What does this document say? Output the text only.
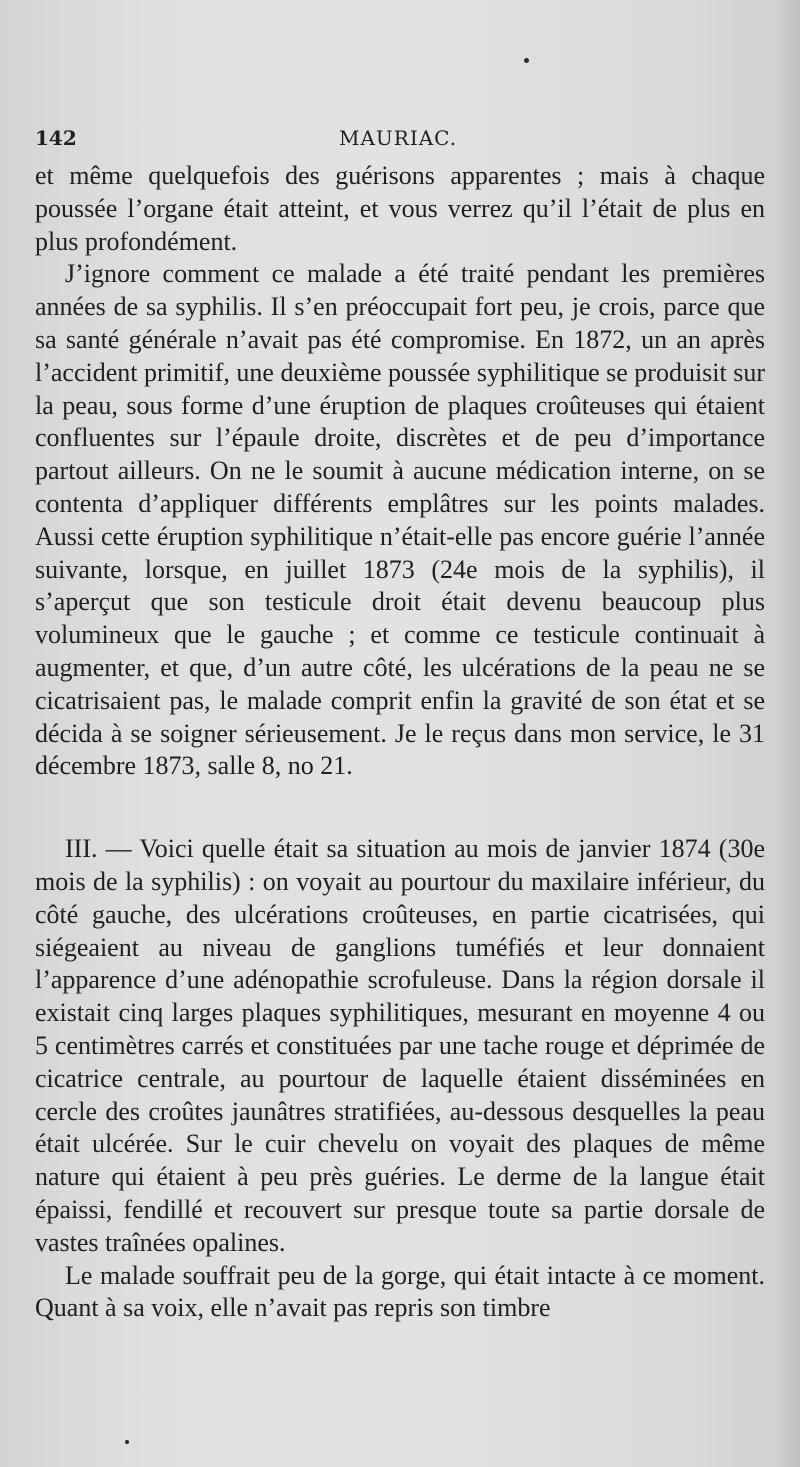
142	MAURIAC.

et même quelquefois des guérisons apparentes ; mais à chaque poussée l’organe était atteint, et vous verrez qu’il l’était de plus en plus profondément.

J’ignore comment ce malade a été traité pendant les premières années de sa syphilis. Il s’en préoccupait fort peu, je crois, parce que sa santé générale n’avait pas été compromise. En 1872, un an après l’accident primitif, une deuxième poussée syphilitique se produisit sur la peau, sous forme d’une éruption de plaques croûteuses qui étaient confluentes sur l’épaule droite, discrètes et de peu d’importance partout ailleurs. On ne le soumit à aucune médication interne, on se contenta d’appliquer différents emplâtres sur les points malades. Aussi cette éruption syphilitique n’était-elle pas encore guérie l’année suivante, lorsque, en juillet 1873 (24e mois de la syphilis), il s’aperçut que son testicule droit était devenu beaucoup plus volumineux que le gauche ; et comme ce testicule continuait à augmenter, et que, d’un autre côté, les ulcérations de la peau ne se cicatrisaient pas, le malade comprit enfin la gravité de son état et se décida à se soigner sérieusement. Je le reçus dans mon service, le 31 décembre 1873, salle 8, no 21.

III. — Voici quelle était sa situation au mois de janvier 1874 (30e mois de la syphilis) : on voyait au pourtour du maxilaire inférieur, du côté gauche, des ulcérations croûteuses, en partie cicatrisées, qui siégeaient au niveau de ganglions tuméfiés et leur donnaient l’apparence d’une adénopathie scrofuleuse. Dans la région dorsale il existait cinq larges plaques syphilitiques, mesurant en moyenne 4 ou 5 centimètres carrés et constituées par une tache rouge et déprimée de cicatrice centrale, au pourtour de laquelle étaient disséminées en cercle des croûtes jaunâtres stratifiées, au-dessous desquelles la peau était ulcérée. Sur le cuir chevelu on voyait des plaques de même nature qui étaient à peu près guéries. Le derme de la langue était épaissi, fendillé et recouvert sur presque toute sa partie dorsale de vastes traînées opalines.

Le malade souffrait peu de la gorge, qui était intacte à ce moment. Quant à sa voix, elle n’avait pas repris son timbre
